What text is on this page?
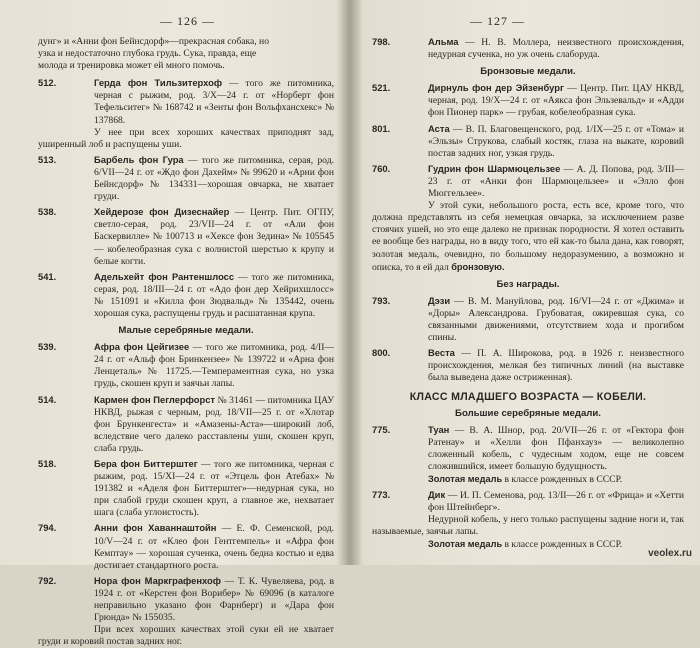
— 126 —

дунг» и «Анни фон Бейнсдорф»—прекрасная собака, но

узка и недостаточно глубока грудь. Сука, правда, еще

молода и тренировка может ей много помочь.

512.	Герда фон Тильзитерхоф — того же питомника, черная с рыжим, род. 3/X—24 г. от «Норберт фон Тефельситег» № 168742 и «Зенты фон Вольфхансхекс» № 137868.

У нее при всех хороших качествах приподнят зад, уширенный лоб и распущены уши.

513.	Барбель фон Гура — того же питомника, серая, род. 6/VII—24 г. от «Ждо фон Дахейм» № 99620 и «Арни фон Бейнсдорф» № 134331—хорошая овчарка, не хватает груди.

538.	Хейдерозе фон Дизеснайер — Центр. Пит. ОГПУ, светло-серая, род. 23/VII—24 г. от «Али фон Баскервилле» № 100713 и «Хексе фон Зедина» № 105545 — кобелеобразная сука с волнистой шерстью к крупу и белые когти.

541.	Адельхейт фон Рантеншлосс — того же питомника, серая, род. 18/III—24 г. от «Адо фон дер Хейрихшлосс» № 151091 и «Килла фон Зюдвальд» № 135442, очень хорошая сука, распущены грудь и расшатанная крупа.

Малые серебряные медали.

539.	Афра фон Цейгизее — того же питомника, род. 4/II—24 г. от «Альф фон Бринкензее» № 139722 и «Арна фон Ленцеталь» № 11725.—Темпераментная сука, но узка грудь, скошен круп и заячьи лапы.

514.	Кармен фон Пеглерфорст № 31461 — питомника ЦАУ НКВД, рыжая с черным, род. 18/VII—25 г. от «Хлотар фон Брункенгеста» и «Амазены-Аста»—широкий лоб, вследствие чего далеко расставлены уши, скошен круп, слаба грудь.

518.	Бера фон Биттерштег — того же питомника, черная с рыжим, род. 15/XI—24 г. от «Этцель фон Атебах» № 191382 и «Аделя фон Биттерштег»—недурная сука, но при слабой груди скошен круп, а главное же, нехватает шага (слаба углоистость).

794.	Анни фон Хаваннаштойн — Е. Ф. Семенской, род. 10/V—24 г. от «Клео фон Гентгемпель» и «Афра фон Кемптау» — хорошая сученка, очень бедна костью и едва достигает стандартного роста.

792.	Нора фон Маркграфенхоф — Т. К. Чувеляева, род. в 1924 г. от «Керстен фон Ворибер» № 69096 (в каталоге неправильно указано фон Фарнберг) и «Дара фон Грюнда» № 155035.

При всех хороших качествах этой суки ей не хватает груди и коровий постав задних ног.

— 127 —

798.	Альма — Н. В. Моллера, неизвестного происхождения, недурная сученка, но уж очень слаборуда.

Бронзовые медали.

521.	Дирнуль фон дер Эйзенбург — Центр. Пит. ЦАУ НКВД, черная, род. 19/X—24 г. от «Аякса фон Эльзевальд» и «Адди фон Пионер парк» — грубая, кобелеобразная сука.

801.	Аста — В. П. Благовещенского, род. 1/IX—25 г. от «Тома» и «Эльзы» Струкова, слабый костяк, глаза на выкате, коровий постав задних ног, узкая грудь.

760.	Гудрин фон Шармюцельзее — А. Д. Попова, род. 3/III—23 г. от «Анки фон Шармюцельзее» и «Элло фон Мюггельзее».

У этой суки, небольшого роста, есть все, кроме того, что должна представлять из себя немецкая овчарка, за исключением разве стоячих ушей, но это еще далеко не признак породности. Я хотел оставить ее вообще без награды, но в виду того, что ей как-то была дана, как говорят, золотая медаль, очевидно, по большому недоразумению, а возможно и описка, то я ей дал бронзовую.

Без награды.

793.	Дэзи — В. М. Мануйлова, род. 16/VI—24 г. от «Джима» и «Доры» Александрова. Грубоватая, ожиревшая сука, со связанными движениями, отсутствием хода и прогибом спины.

800.	Веста — П. А. Широкова, род. в 1926 г. неизвестного происхождения, мелкая без типичных линий (на выставке была выведена даже остриженная).

КЛАСС МЛАДШЕГО ВОЗРАСТА — КОБЕЛИ.
Большие серебряные медали.

775.	Туан — В. А. Шнор, род. 20/VII—26 г. от «Гектора фон Ратенау» и «Хелли фон Пфанхауз» — великолепно сложенный кобель, с чудесным ходом, еще не совсем сложившийся, имеет большую будущность.

Золотая медаль в классе рожденных в СССР.

773.	Дик — И. П. Семенова, род. 13/II—26 г. от «Фрица» и «Хетти фон Штейнберг».

Недурной кобель, у него только распущены задние ноги и, так называемые, заячьи лапы.

Золотая медаль в классе рожденных в СССР.

veolex.ru
